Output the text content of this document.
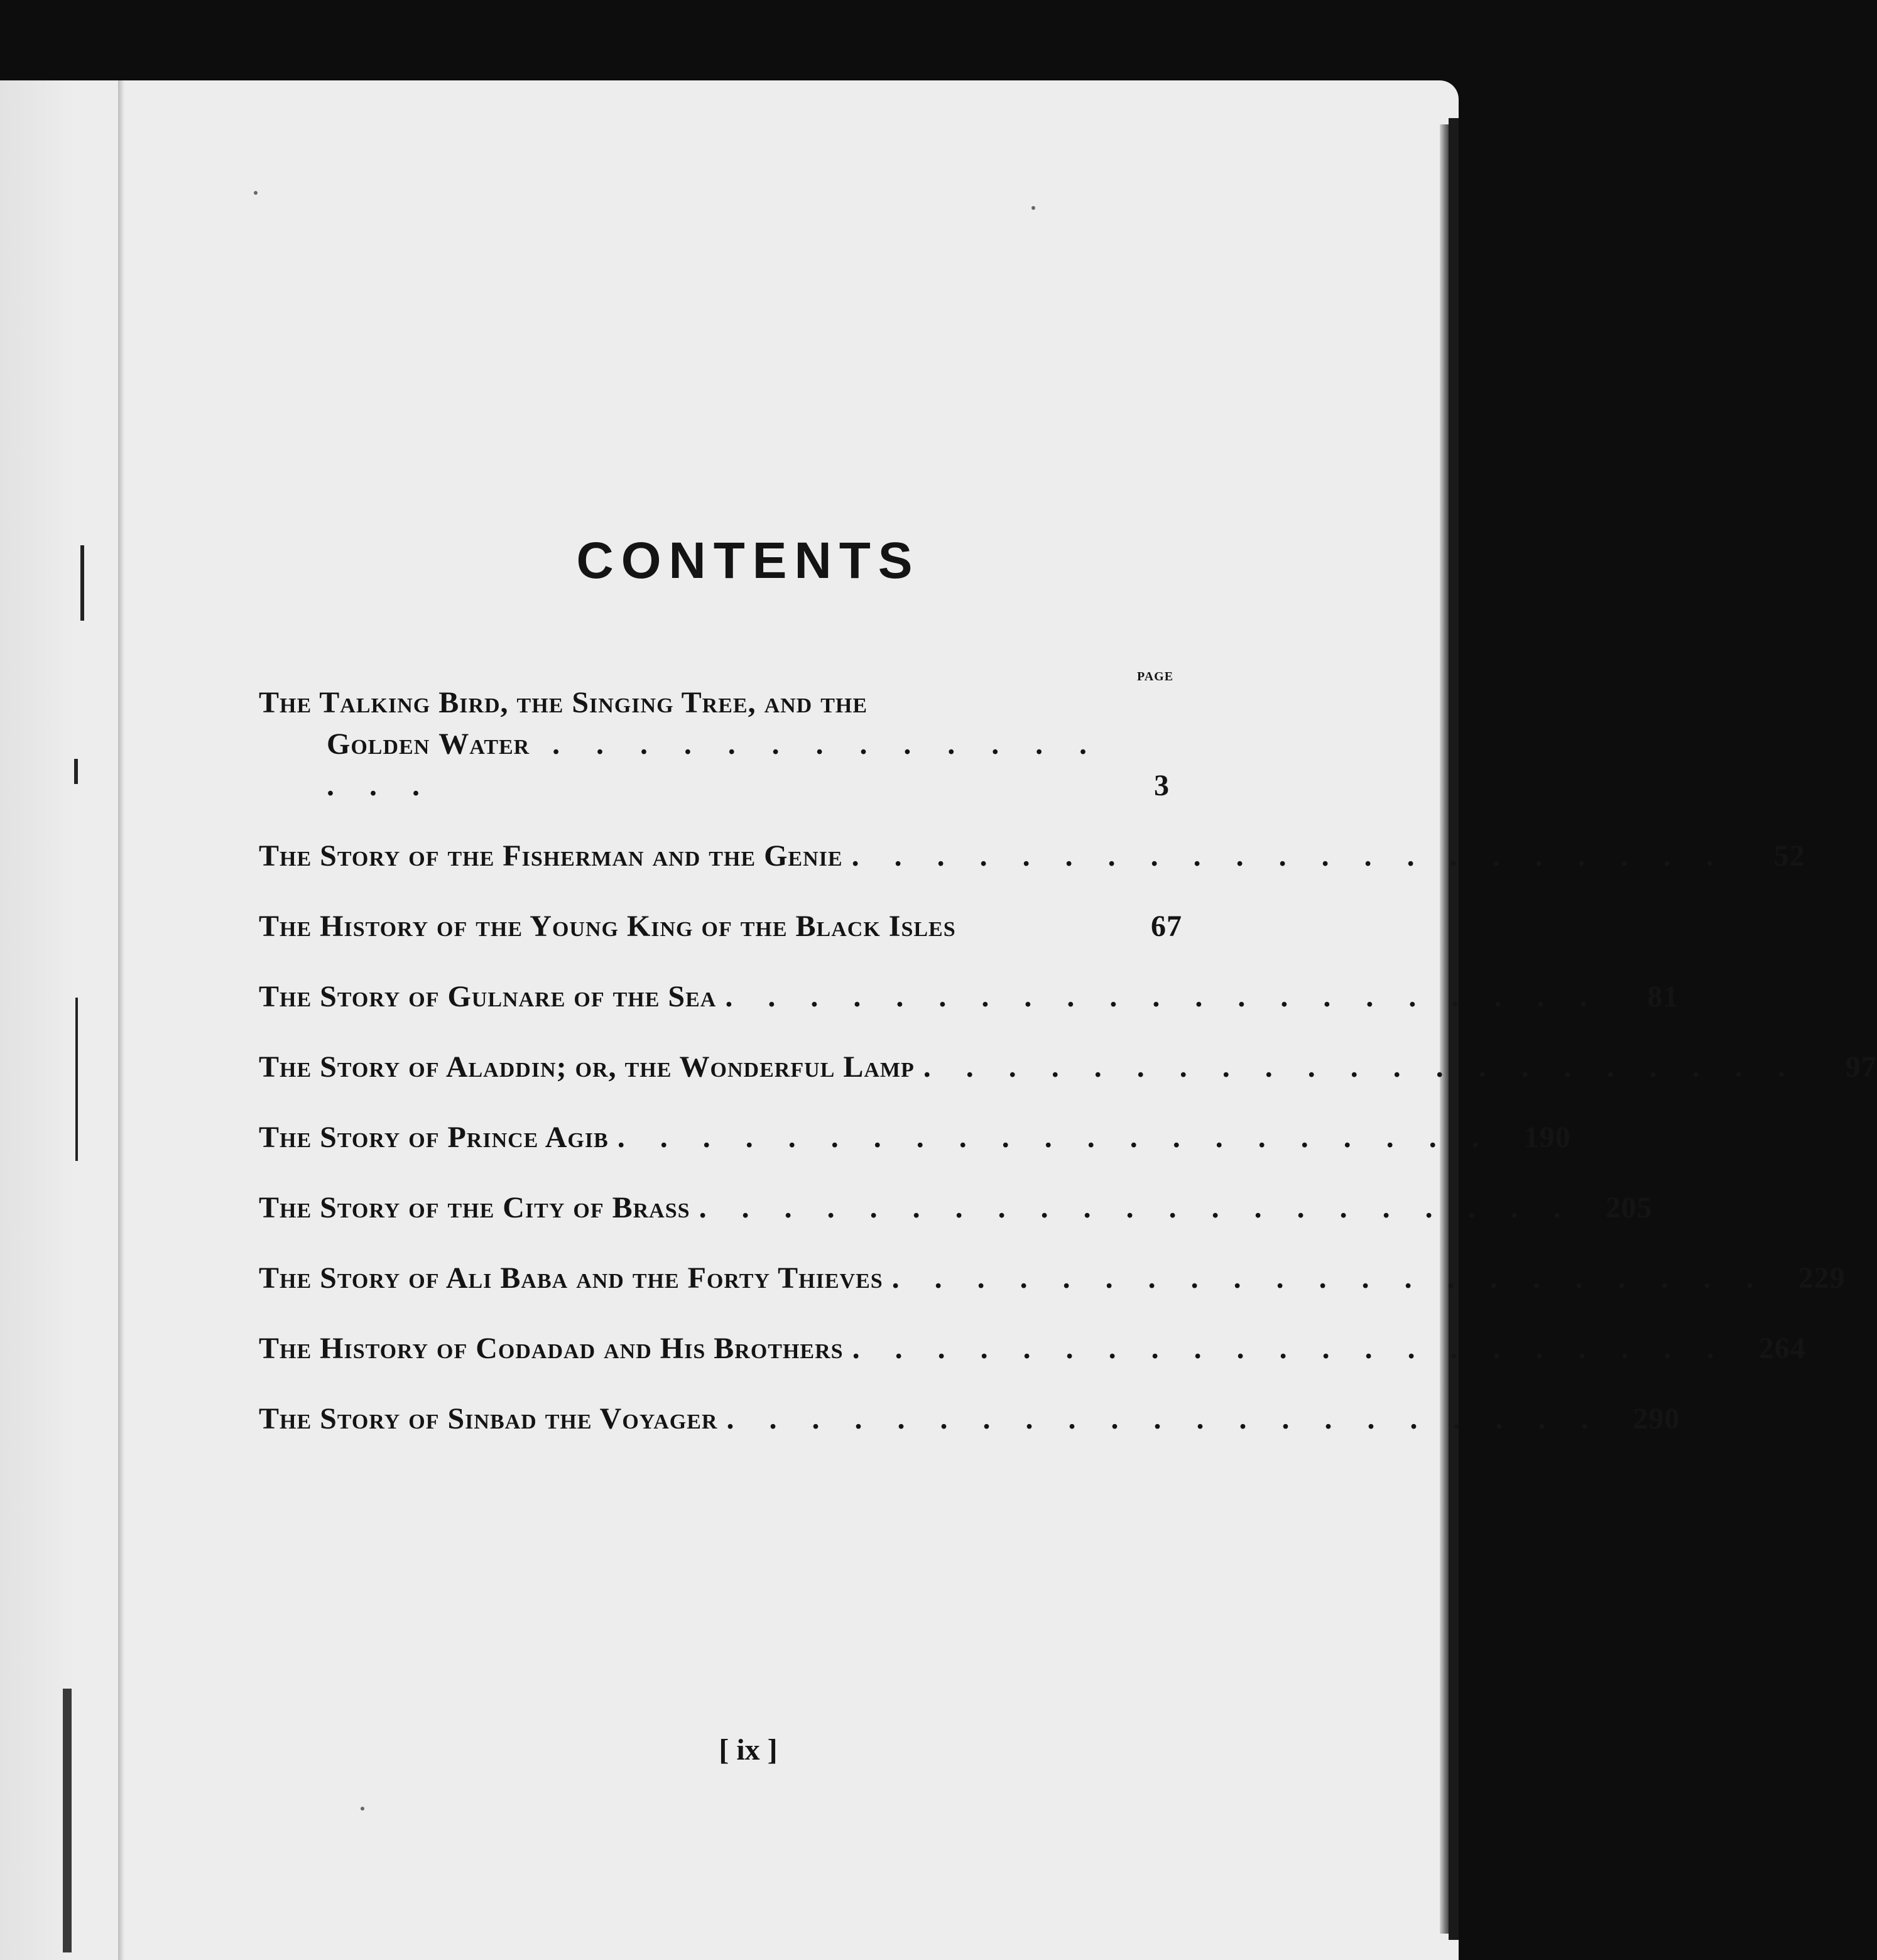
CONTENTS
PAGE
The Talking Bird, the Singing Tree, and the
Golden Water . . . . . . . . . . . . . . . .	3
The Story of the Fisherman and the Genie . . . . . . . . . . . . . . . . . . . . .	52
The History of the Young King of the Black Isles	67
The Story of Gulnare of the Sea . . . . . . . . . . . . . . . . . . . . .	81
The Story of Aladdin; or, the Wonderful Lamp . . . . . . . . . . . . . . . . . . . . .	97
The Story of Prince Agib . . . . . . . . . . . . . . . . . . . . .	190
The Story of the City of Brass . . . . . . . . . . . . . . . . . . . . .	205
The Story of Ali Baba and the Forty Thieves . . . . . . . . . . . . . . . . . . . . .	229
The History of Codadad and His Brothers . . . . . . . . . . . . . . . . . . . . .	264
The Story of Sinbad the Voyager . . . . . . . . . . . . . . . . . . . . .	290
[ ix ]
